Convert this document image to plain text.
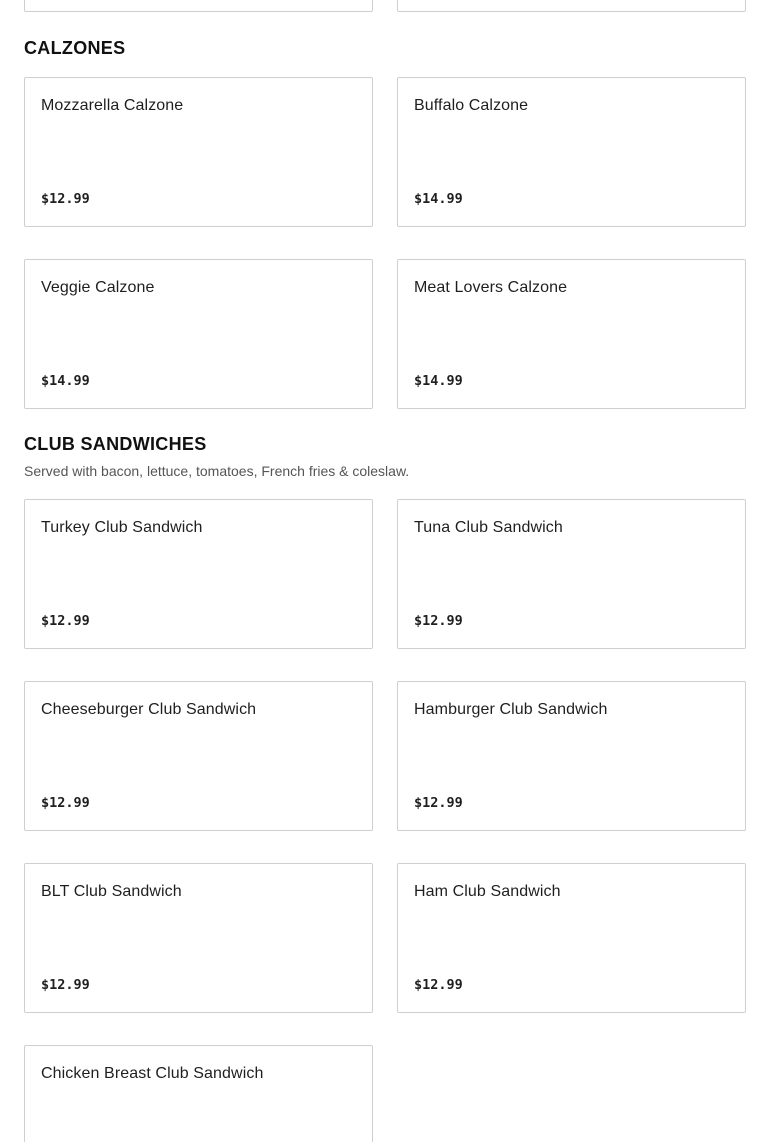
CALZONES
Mozzarella Calzone
$12.99
Buffalo Calzone
$14.99
Veggie Calzone
$14.99
Meat Lovers Calzone
$14.99
CLUB SANDWICHES

Served with bacon, lettuce, tomatoes, French fries & coleslaw.

Turkey Club Sandwich
$12.99
Tuna Club Sandwich
$12.99
Cheeseburger Club Sandwich
$12.99
Hamburger Club Sandwich
$12.99
BLT Club Sandwich
$12.99
Ham Club Sandwich
$12.99
Chicken Breast Club Sandwich
